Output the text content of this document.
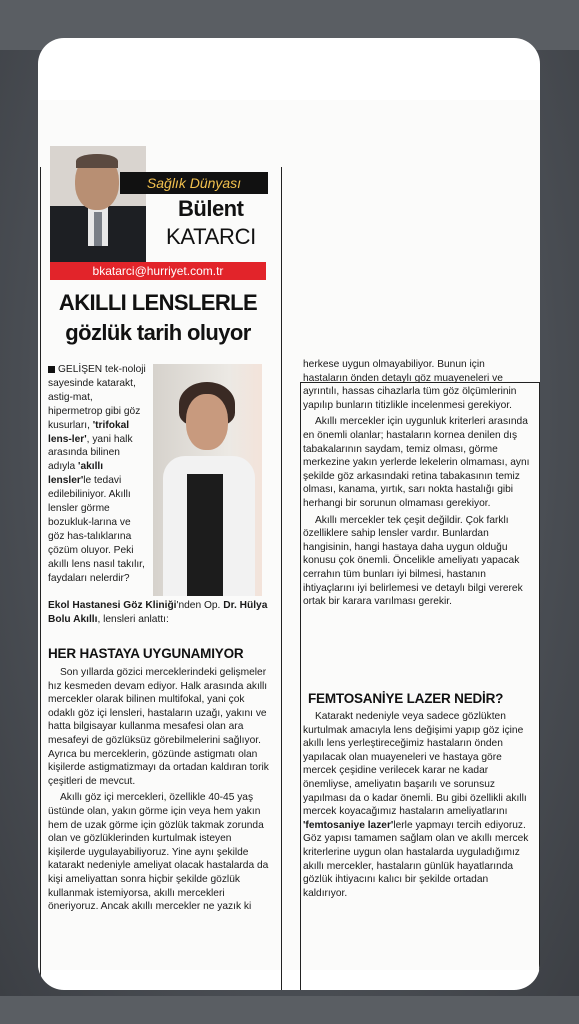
Sağlık Dünyası
Bülent
KATARCI
bkatarci@hurriyet.com.tr
AKILLI LENSLERLE
gözlük tarih oluyor
GELİŞEN tek-noloji sayesinde katarakt, astig-mat, hipermetrop gibi göz kusurları, 'trifokal lens-ler', yani halk arasında bilinen adıyla 'akıllı lensler'le tedavi edilebiliniyor. Akıllı lensler görme bozukluk-larına ve göz has-talıklarına çözüm oluyor. Peki akıllı lens nasıl takılır, faydaları nelerdir?
Ekol Hastanesi Göz Kliniği'nden Op. Dr. Hülya Bolu Akıllı, lensleri anlattı:
HER HASTAYA UYGUNAMIYOR

Son yıllarda gözici merceklerindeki gelişmeler hız kesmeden devam ediyor. Halk arasında akıllı mercekler olarak bilinen multifokal, yani çok odaklı göz içi lensleri, hastaların uzağı, yakını ve hatta bilgisayar kullanma mesafesi olan ara mesafeyi de gözlüksüz görebilmelerini sağlıyor. Ayrıca bu merceklerin, gözünde astigmatı olan kişilerde astigmatizmayı da ortadan kaldıran torik çeşitleri de mevcut.

Akıllı göz içi mercekleri, özellikle 40-45 yaş üstünde olan, yakın görme için veya hem yakın hem de uzak görme için gözlük takmak zorunda olan ve gözlüklerinden kurtulmak isteyen kişilerde uygulayabiliyoruz. Yine aynı şekilde katarakt nedeniyle ameliyat olacak hastalarda da kişi ameliyattan sonra hiçbir şekilde gözlük kullanmak istemiyorsa, akıllı mercekleri öneriyoruz. Ancak akıllı mercekler ne yazık ki

herkese uygun olmayabiliyor. Bunun için hastaların önden detaylı göz muayeneleri ve ayrıntılı, hassas cihazlarla tüm göz ölçümlerinin yapılıp bunların titizlikle incelenmesi gerekiyor.

Akıllı mercekler için uygunluk kriterleri arasında en önemli olanlar; hastaların kornea denilen dış tabakalarının saydam, temiz olması, görme merkezine yakın yerlerde lekelerin olmaması, aynı şekilde göz arkasındaki retina tabakasının temiz olması, kanama, yırtık, sarı nokta hastalığı gibi herhangi bir sorunun olmaması gerekiyor.

Akıllı mercekler tek çeşit değildir. Çok farklı özelliklere sahip lensler vardır. Bunlardan hangisinin, hangi hastaya daha uygun olduğu konusu çok önemli. Öncelikle ameliyatı yapacak cerrahın tüm bunları iyi bilmesi, hastanın ihtiyaçlarını iyi belirlemesi ve detaylı bilgi vererek ortak bir karara varılması gerekir.

FEMTOSANİYE LAZER NEDİR?

Katarakt nedeniyle veya sadece gözlükten kurtulmak amacıyla lens değişimi yapıp göz içine akıllı lens yerleştireceğimiz hastaların önden yapılacak olan muayeneleri ve hastaya göre mercek çeşidine verilecek karar ne kadar önemliyse, ameliyatın başarılı ve sorunsuz yapılması da o kadar önemli. Bu gibi özellikli akıllı mercek koyacağımız hastaların ameliyatlarını 'femtosaniye lazer'lerle yapmayı tercih ediyoruz. Göz yapısı tamamen sağlam olan ve akıllı mercek kriterlerine uygun olan hastalarda uyguladığımız akıllı mercekler, hastaların günlük hayatlarında gözlük ihtiyacını kalıcı bir şekilde ortadan kaldırıyor.
